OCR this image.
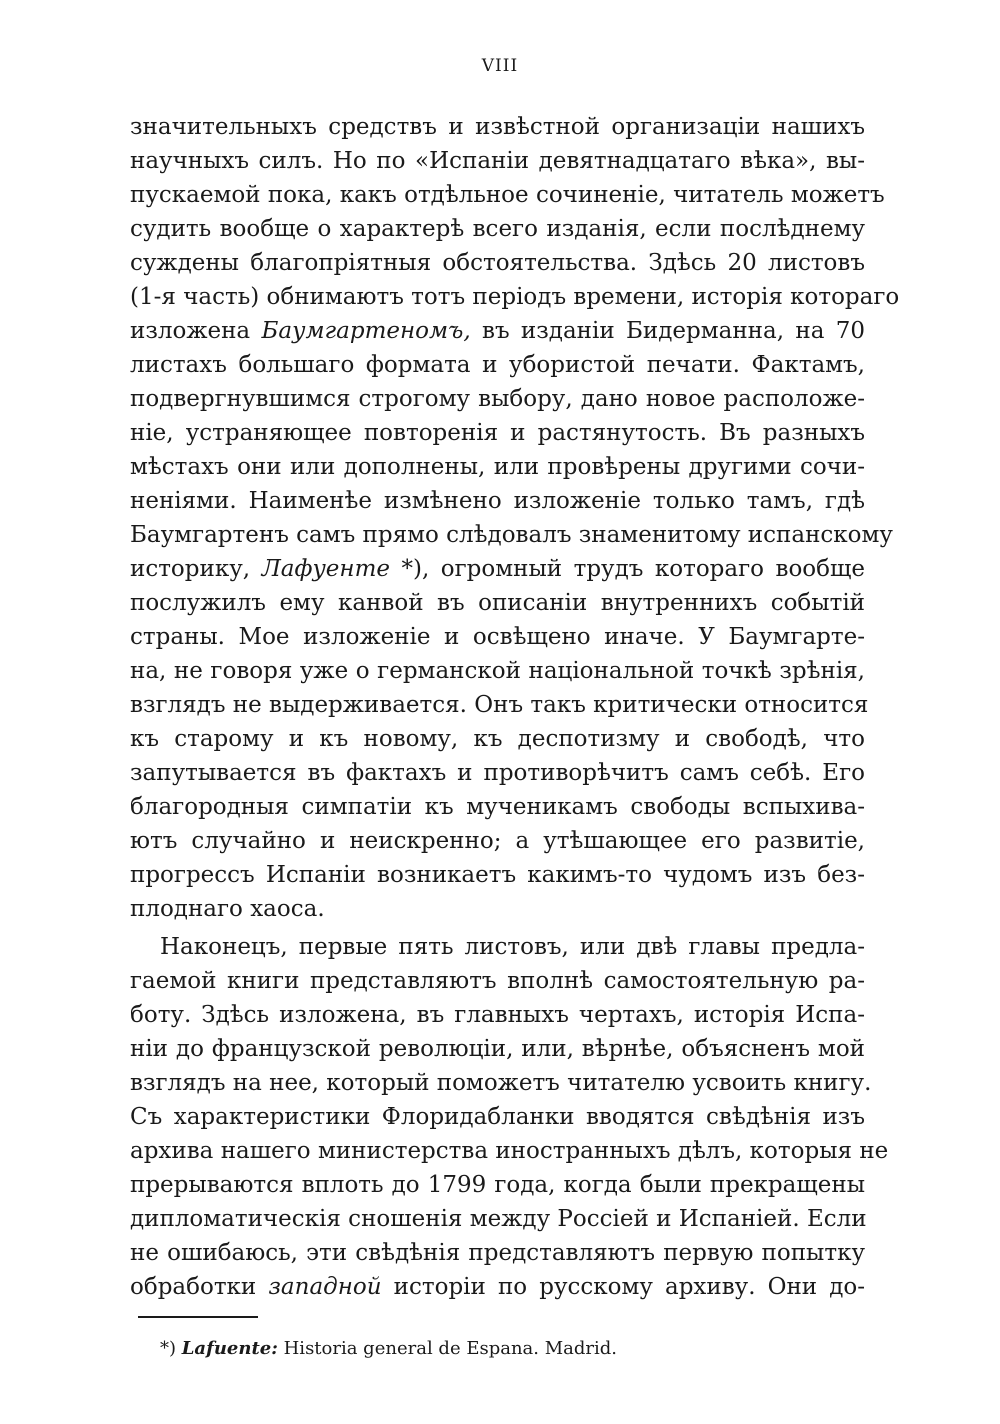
VIII
значительныхъ средствъ и извѣстной организаціи нашихъ
научныхъ силъ. Но по «Испаніи девятнадцатаго вѣка», вы-
пускаемой пока, какъ отдѣльное сочиненіе, читатель можетъ
судить вообще о характерѣ всего изданія, если послѣднему
суждены благопріятныя обстоятельства. Здѣсь 20 листовъ
(1-я часть) обнимаютъ тотъ періодъ времени, исторія котораго
изложена Баумгартеномъ, въ изданіи Бидерманна, на 70
листахъ большаго формата и убористой печати. Фактамъ,
подвергнувшимся строгому выбору, дано новое расположе-
ніе, устраняющее повторенія и растянутость. Въ разныхъ
мѣстахъ они или дополнены, или провѣрены другими сочи-
неніями. Наименѣе измѣнено изложеніе только тамъ, гдѣ
Баумгартенъ самъ прямо слѣдовалъ знаменитому испанскому
историку, Лафуенте *), огромный трудъ котораго вообще
послужилъ ему канвой въ описаніи внутреннихъ событій
страны. Мое изложеніе и освѣщено иначе. У Баумгарте-
на, не говоря уже о германской національной точкѣ зрѣнія,
взглядъ не выдерживается. Онъ такъ критически относится
къ старому и къ новому, къ деспотизму и свободѣ, что
запутывается въ фактахъ и противорѣчитъ самъ себѣ. Его
благородныя симпатіи къ мученикамъ свободы вспыхива-
ютъ случайно и неискренно; а утѣшающее его развитіе,
прогрессъ Испаніи возникаетъ какимъ-то чудомъ изъ без-
плоднаго хаоса.
Наконецъ, первые пять листовъ, или двѣ главы предла-
гаемой книги представляютъ вполнѣ самостоятельную ра-
боту. Здѣсь изложена, въ главныхъ чертахъ, исторія Испа-
ніи до французской революціи, или, вѣрнѣе, объясненъ мой
взглядъ на нее, который поможетъ читателю усвоить книгу.
Съ характеристики Флоридабланки вводятся свѣдѣнія изъ
архива нашего министерства иностранныхъ дѣлъ, которыя не
прерываются вплоть до 1799 года, когда были прекращены
дипломатическія сношенія между Россіей и Испаніей. Если
не ошибаюсь, эти свѣдѣнія представляютъ первую попытку
обработки западной исторіи по русскому архиву. Они до-
*) Lafuente: Historia general de Espana. Madrid.
